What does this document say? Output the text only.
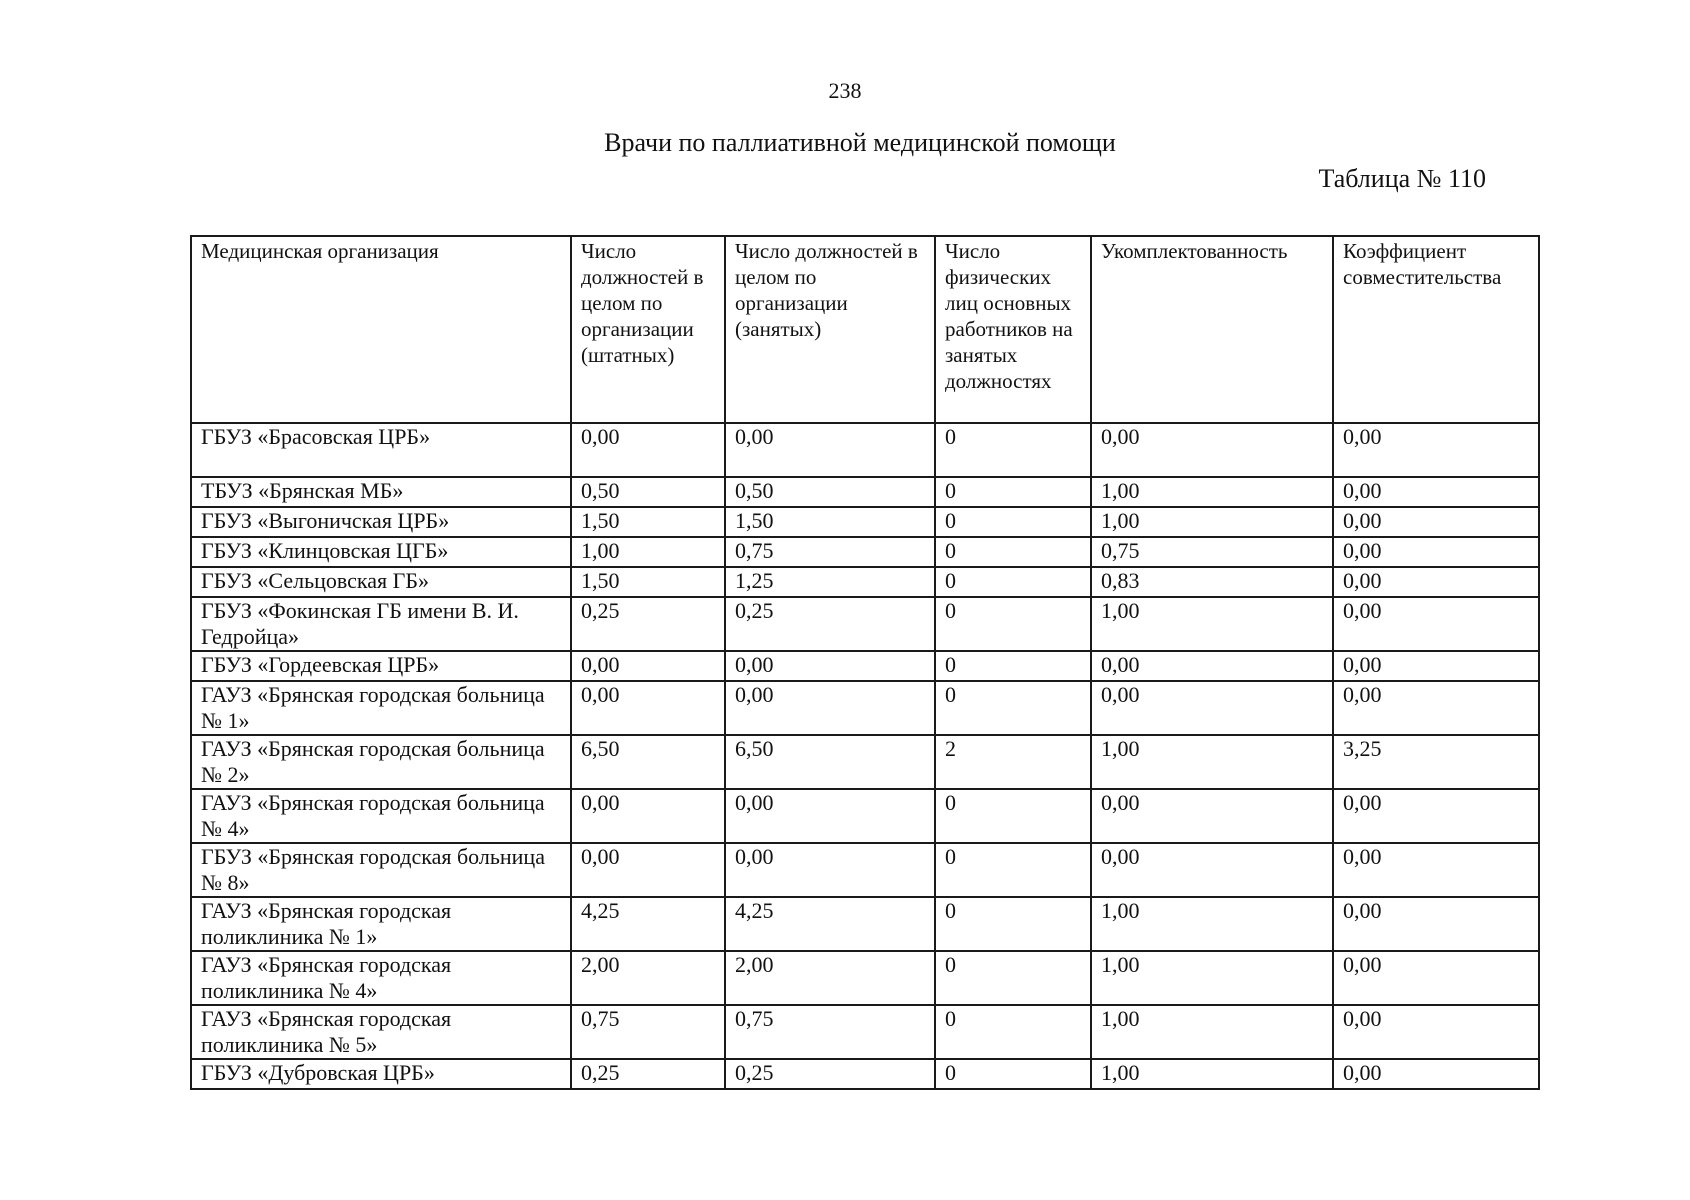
238
Врачи по паллиативной медицинской помощи
Таблица № 110
Медицинская организация	Число должностей в целом по организации (штатных)	Число должностей в целом по организации (занятых)	Число физических лиц основных работников на занятых должностях	Укомплектованность	Коэффициент совместительства
ГБУЗ «Брасовская ЦРБ»	0,00	0,00	0	0,00	0,00
ТБУЗ «Брянская МБ»	0,50	0,50	0	1,00	0,00
ГБУЗ «Выгоничская ЦРБ»	1,50	1,50	0	1,00	0,00
ГБУЗ «Клинцовская ЦГБ»	1,00	0,75	0	0,75	0,00
ГБУЗ «Сельцовская ГБ»	1,50	1,25	0	0,83	0,00
ГБУЗ «Фокинская ГБ имени В. И. Гедройца»	0,25	0,25	0	1,00	0,00
ГБУЗ «Гордеевская ЦРБ»	0,00	0,00	0	0,00	0,00
ГАУЗ «Брянская городская больница № 1»	0,00	0,00	0	0,00	0,00
ГАУЗ «Брянская городская больница № 2»	6,50	6,50	2	1,00	3,25
ГАУЗ «Брянская городская больница № 4»	0,00	0,00	0	0,00	0,00
ГБУЗ «Брянская городская больница № 8»	0,00	0,00	0	0,00	0,00
ГАУЗ «Брянская городская поликлиника № 1»	4,25	4,25	0	1,00	0,00
ГАУЗ «Брянская городская поликлиника № 4»	2,00	2,00	0	1,00	0,00
ГАУЗ «Брянская городская поликлиника № 5»	0,75	0,75	0	1,00	0,00
ГБУЗ «Дубровская ЦРБ»	0,25	0,25	0	1,00	0,00
